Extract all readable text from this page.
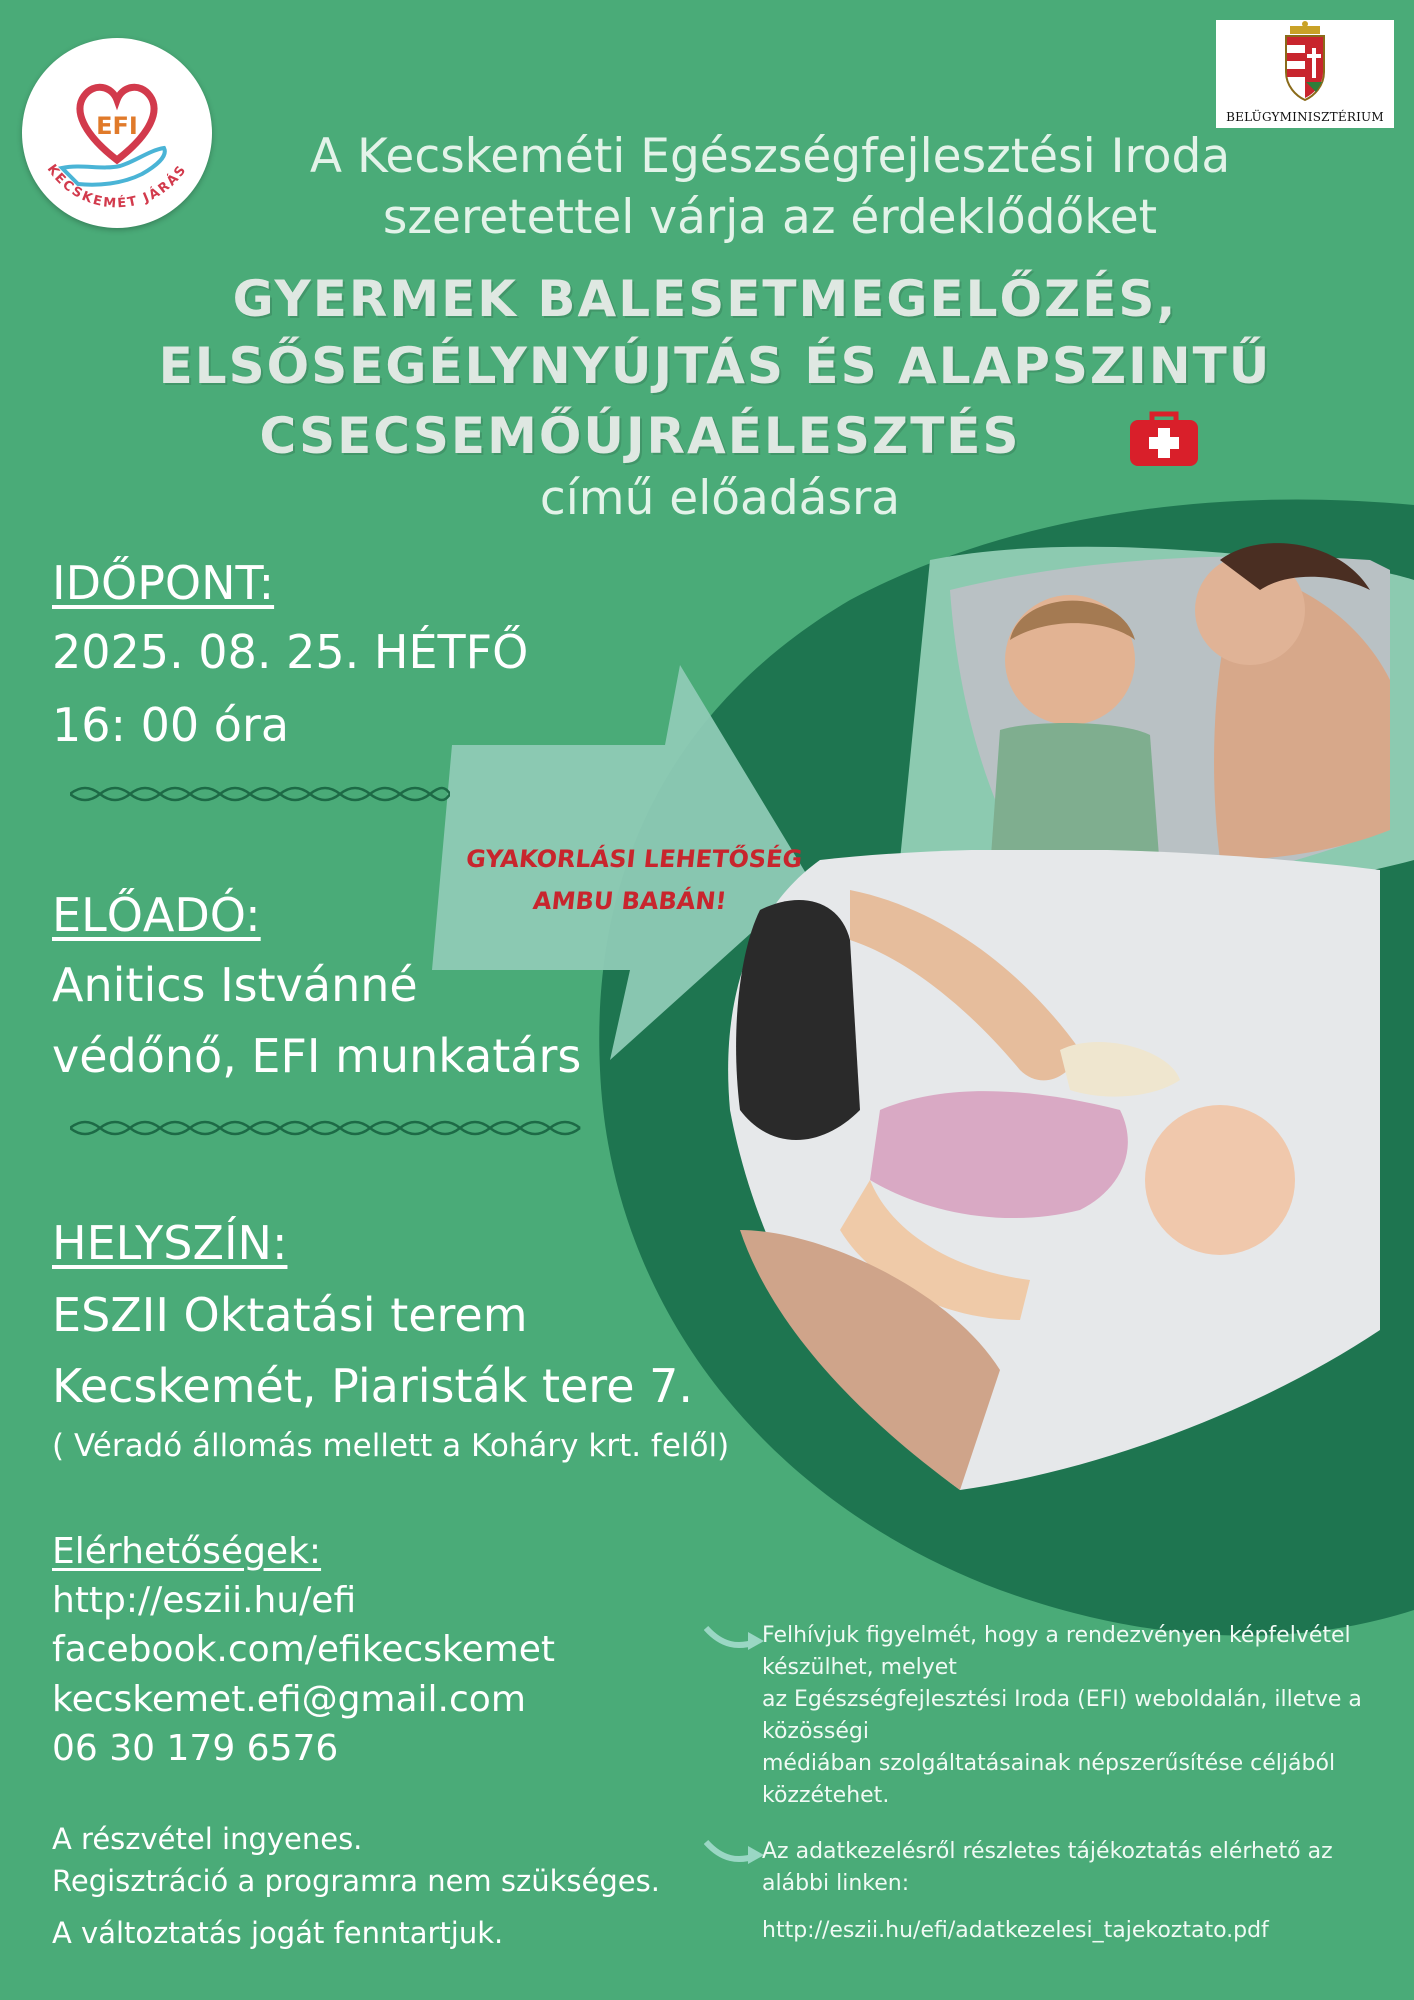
EFI
KECSKEMÉT JÁRÁS
BELÜGYMINISZTÉRIUM
A Kecskeméti Egészségfejlesztési Iroda
szeretettel várja az érdeklődőket
GYERMEK BALESETMEGELŐZÉS,
ELSŐSEGÉLYNYÚJTÁS ÉS ALAPSZINTŰ
CSECSEMŐÚJRAÉLESZTÉS
című előadásra
GYAKORLÁSI LEHETŐSÉG
AMBU BABÁN!
IDŐPONT:
2025. 08. 25. HÉTFŐ
16: 00 óra
ELŐADÓ:
Anitics Istvánné
védőnő, EFI munkatárs
HELYSZÍN:
ESZII Oktatási terem
Kecskemét, Piaristák tere 7.
( Véradó állomás mellett a Koháry krt. felől)
Elérhetőségek:
http://eszii.hu/efi
facebook.com/efikecskemet
kecskemet.efi@gmail.com
06 30 179 6576
A részvétel ingyenes.
Regisztráció a programra nem szükséges.
A változtatás jogát fenntartjuk.
Felhívjuk figyelmét, hogy a rendezvényen képfelvétel
készülhet, melyet
az Egészségfejlesztési Iroda (EFI) weboldalán, illetve a
közösségi
médiában szolgáltatásainak népszerűsítése céljából
közzétehet.
Az adatkezelésről részletes tájékoztatás elérhető az
alábbi linken:
http://eszii.hu/efi/adatkezelesi_tajekoztato.pdf
